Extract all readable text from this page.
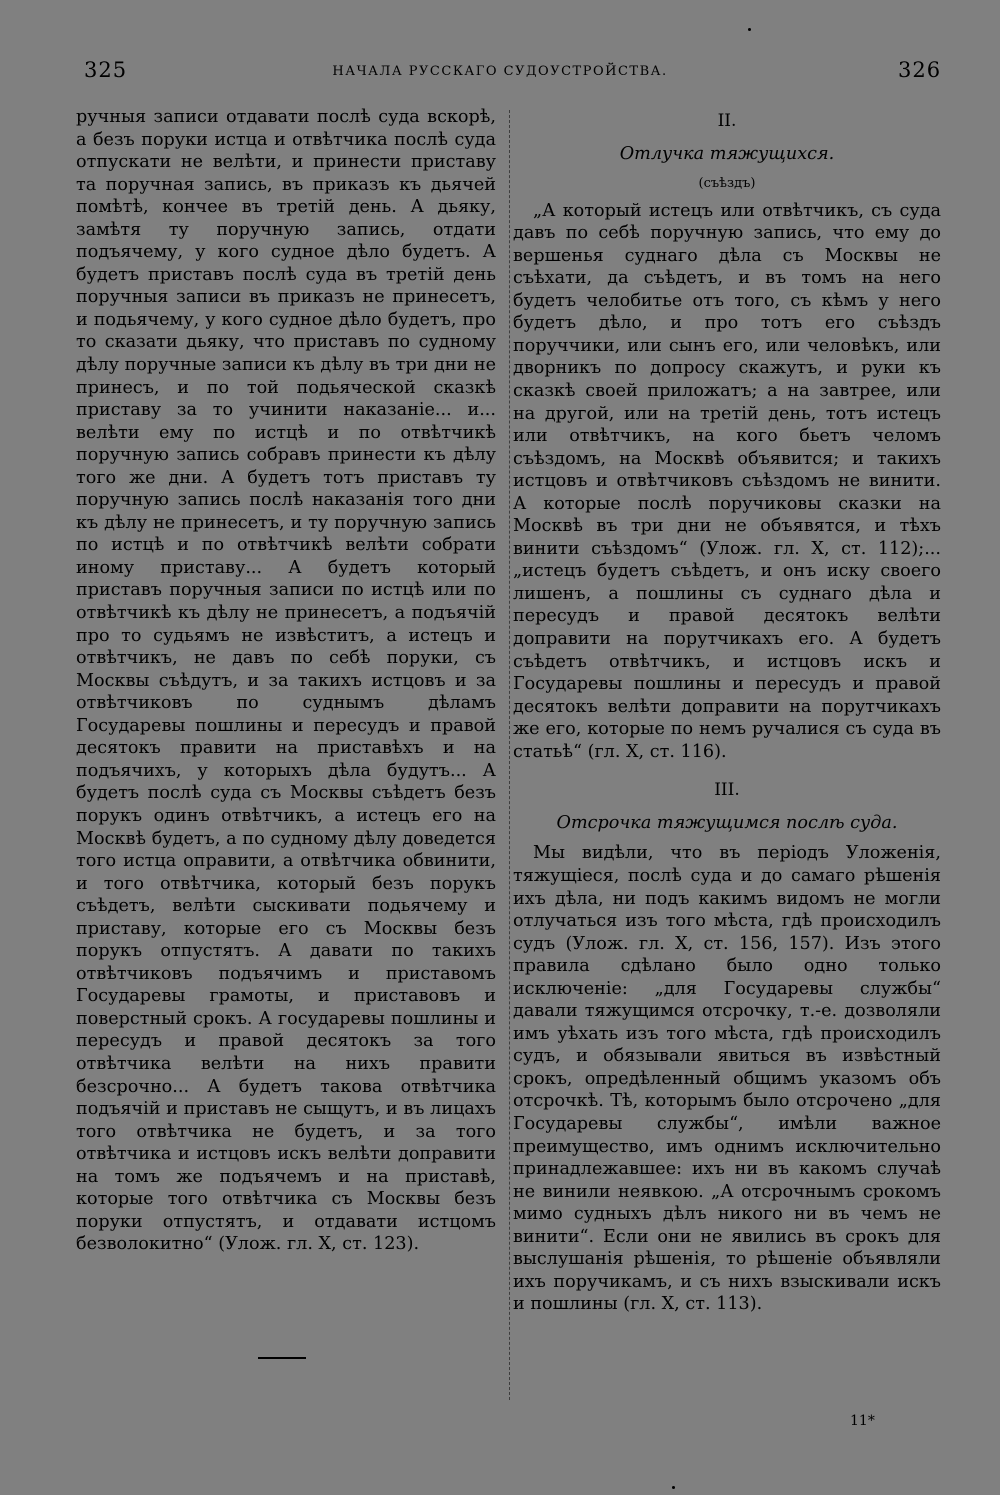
325	НАЧАЛА РУССКАГО СУДОУСТРОЙСТВА.	326

ручныя записи отдавати послѣ суда вскорѣ, а безъ поруки истца и отвѣтчика послѣ суда отпускати не велѣти, и принести приставу та поручная запись, въ приказъ къ дьячей помѣтѣ, кончее въ третій день. А дьяку, замѣтя ту поручную запись, отдати подъячему, у кого судное дѣло будетъ. А будетъ приставъ послѣ суда въ третій день поручныя записи въ приказъ не принесетъ, и подьячему, у кого судное дѣло будетъ, про то сказати дьяку, что приставъ по судному дѣлу поручные записи къ дѣлу въ три дни не принесъ, и по той подьяческой сказкѣ приставу за то учинити наказаніе... и... велѣти ему по истцѣ и по отвѣтчикѣ поручную запись собравъ принести къ дѣлу того же дни. А будетъ тотъ приставъ ту поручную запись послѣ наказанія того дни къ дѣлу не принесетъ, и ту поручную запись по истцѣ и по отвѣтчикѣ велѣти собрати иному приставу... А будетъ который приставъ поручныя записи по истцѣ или по отвѣтчикѣ къ дѣлу не принесетъ, а подъячій про то судьямъ не извѣститъ, а истецъ и отвѣтчикъ, не давъ по себѣ поруки, съ Москвы съѣдутъ, и за такихъ истцовъ и за отвѣтчиковъ по суднымъ дѣламъ Государевы пошлины и пересудъ и правой десятокъ правити на приставѣхъ и на подъячихъ, у которыхъ дѣла будутъ... А будетъ послѣ суда съ Москвы съѣдетъ безъ порукъ одинъ отвѣтчикъ, а истецъ его на Москвѣ будетъ, а по судному дѣлу доведется того истца оправити, а отвѣтчика обвинити, и того отвѣтчика, который безъ порукъ съѣдетъ, велѣти сыскивати подьячему и приставу, которые его съ Москвы безъ порукъ отпустятъ. А давати по такихъ отвѣтчиковъ подъячимъ и приставомъ Государевы грамоты, и приставовъ и поверстный срокъ. А государевы пошлины и пересудъ и правой десятокъ за того отвѣтчика велѣти на нихъ правити безсрочно... А будетъ такова отвѣтчика подъячій и приставъ не сыщутъ, и въ лицахъ того отвѣтчика не будетъ, и за того отвѣтчика и истцовъ искъ велѣти доправити на томъ же подъячемъ и на приставѣ, которые того отвѣтчика съ Москвы безъ поруки отпустятъ, и отдавати истцомъ безволокитно“ (Улож. гл. X, ст. 123).

II.
Отлучка тяжущихся.
(съѣздъ)

„А который истецъ или отвѣтчикъ, съ суда давъ по себѣ поручную запись, что ему до вершенья суднаго дѣла съ Москвы не съѣхати, да съѣдетъ, и въ томъ на него будетъ челобитье отъ того, съ кѣмъ у него будетъ дѣло, и про тотъ его съѣздъ поруччики, или сынъ его, или человѣкъ, или дворникъ по допросу скажутъ, и руки къ сказкѣ своей приложатъ; а на завтрее, или на другой, или на третій день, тотъ истецъ или отвѣтчикъ, на кого бьетъ челомъ съѣздомъ, на Москвѣ объявится; и такихъ истцовъ и отвѣтчиковъ съѣздомъ не винити. А которые послѣ поручиковы сказки на Москвѣ въ три дни не объявятся, и тѣхъ винити съѣздомъ“ (Улож. гл. X, ст. 112);... „истецъ будетъ съѣдетъ, и онъ иску своего лишенъ, а пошлины съ суднаго дѣла и пересудъ и правой десятокъ велѣти доправити на порутчикахъ его. А будетъ съѣдетъ отвѣтчикъ, и истцовъ искъ и Государевы пошлины и пересудъ и правой десятокъ велѣти доправити на порутчикахъ же его, которые по немъ ручалися съ суда въ статьѣ“ (гл. X, ст. 116).

III.
Отсрочка тяжущимся послѣ суда.

Мы видѣли, что въ періодъ Уложенія, тяжущіеся, послѣ суда и до самаго рѣшенія ихъ дѣла, ни подъ какимъ видомъ не могли отлучаться изъ того мѣста, гдѣ происходилъ судъ (Улож. гл. X, ст. 156, 157). Изъ этого правила сдѣлано было одно только исключеніе: „для Государевы службы“ давали тяжущимся отсрочку, т.-е. дозволяли имъ уѣхать изъ того мѣста, гдѣ происходилъ судъ, и обязывали явиться въ извѣстный срокъ, опредѣленный общимъ указомъ объ отсрочкѣ. Тѣ, которымъ было отсрочено „для Государевы службы“, имѣли важное преимущество, имъ однимъ исключительно принадлежавшее: ихъ ни въ какомъ случаѣ не винили неявкою. „А отсрочнымъ срокомъ мимо судныхъ дѣлъ никого ни въ чемъ не винити“. Если они не явились въ срокъ для выслушанія рѣшенія, то рѣшеніе объявляли ихъ поручикамъ, и съ нихъ взыскивали искъ и пошлины (гл. X, ст. 113).

11*
